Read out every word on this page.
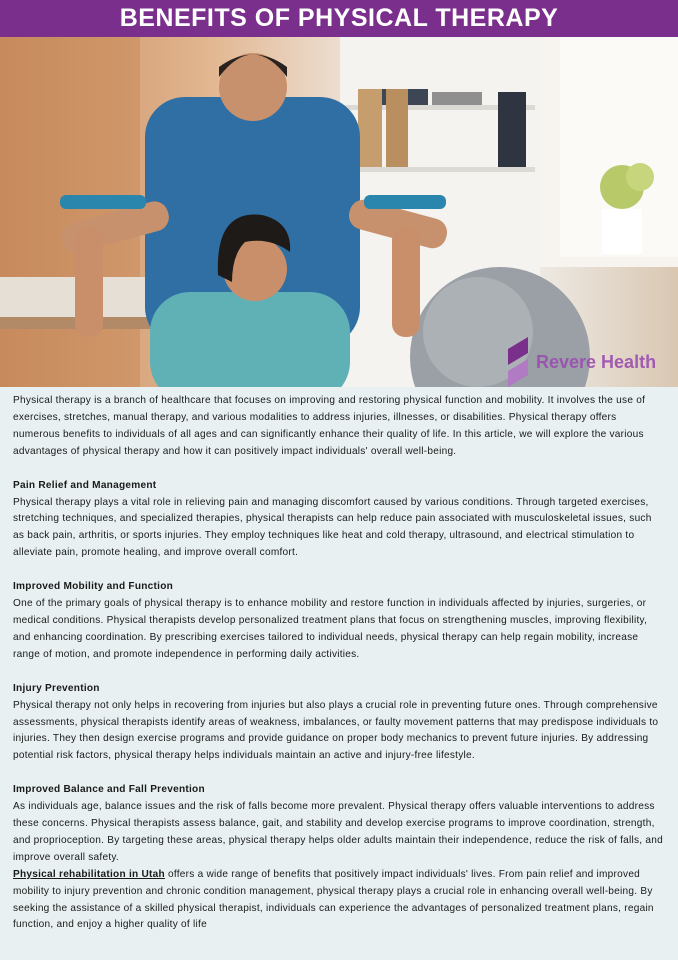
BENEFITS OF PHYSICAL THERAPY
Revere Health

Physical therapy is a branch of healthcare that focuses on improving and restoring physical function and mobility. It involves the use of exercises, stretches, manual therapy, and various modalities to address injuries, illnesses, or disabilities. Physical therapy offers numerous benefits to individuals of all ages and can significantly enhance their quality of life. In this article, we will explore the various advantages of physical therapy and how it can positively impact individuals' overall well-being.

Pain Relief and Management

Physical therapy plays a vital role in relieving pain and managing discomfort caused by various conditions. Through targeted exercises, stretching techniques, and specialized therapies, physical therapists can help reduce pain associated with musculoskeletal issues, such as back pain, arthritis, or sports injuries. They employ techniques like heat and cold therapy, ultrasound, and electrical stimulation to alleviate pain, promote healing, and improve overall comfort.

Improved Mobility and Function

One of the primary goals of physical therapy is to enhance mobility and restore function in individuals affected by injuries, surgeries, or medical conditions. Physical therapists develop personalized treatment plans that focus on strengthening muscles, improving flexibility, and enhancing coordination. By prescribing exercises tailored to individual needs, physical therapy can help regain mobility, increase range of motion, and promote independence in performing daily activities.

Injury Prevention

Physical therapy not only helps in recovering from injuries but also plays a crucial role in preventing future ones. Through comprehensive assessments, physical therapists identify areas of weakness, imbalances, or faulty movement patterns that may predispose individuals to injuries. They then design exercise programs and provide guidance on proper body mechanics to prevent future injuries. By addressing potential risk factors, physical therapy helps individuals maintain an active and injury-free lifestyle.

Improved Balance and Fall Prevention

As individuals age, balance issues and the risk of falls become more prevalent. Physical therapy offers valuable interventions to address these concerns. Physical therapists assess balance, gait, and stability and develop exercise programs to improve coordination, strength, and proprioception. By targeting these areas, physical therapy helps older adults maintain their independence, reduce the risk of falls, and improve overall safety.

Physical rehabilitation in Utah offers a wide range of benefits that positively impact individuals' lives. From pain relief and improved mobility to injury prevention and chronic condition management, physical therapy plays a crucial role in enhancing overall well-being. By seeking the assistance of a skilled physical therapist, individuals can experience the advantages of personalized treatment plans, regain function, and enjoy a higher quality of life
